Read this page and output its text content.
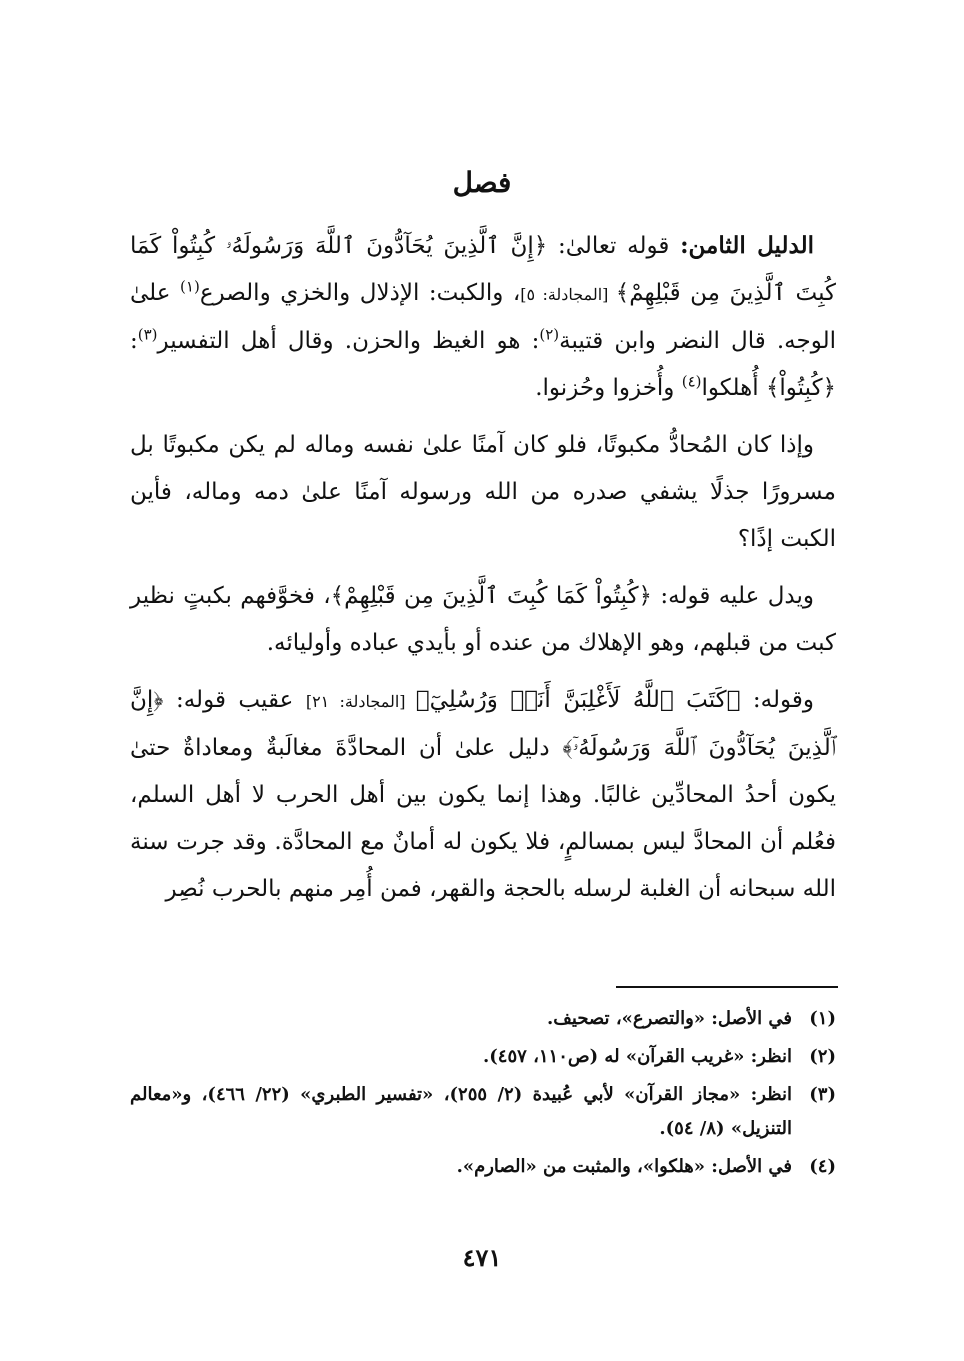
فصل

الدليل الثامن: قوله تعالىٰ: ﴿إِنَّ ٱلَّذِينَ يُحَآدُّونَ ٱللَّهَ وَرَسُولَهُۥ كُبِتُواْ كَمَا كُبِتَ ٱلَّذِينَ مِن قَبْلِهِمْ﴾ [المجادلة: ٥]، والكبت: الإذلال والخزي والصرع$^{(١)}$ علىٰ الوجه. قال النضر وابن قتيبة$^{(٢)}$: هو الغيظ والحزن. وقال أهل التفسير$^{(٣)}$: ﴿كُبِتُواْ﴾ أُهلكوا$^{(٤)}$ وأُخزوا وحُزنوا.

وإذا كان المُحادُّ مكبوتًا، فلو كان آمنًا علىٰ نفسه وماله لم يكن مكبوتًا بل مسرورًا جذلًا يشفي صدره من الله ورسوله آمنًا علىٰ دمه وماله، فأين الكبت إذًا؟

ويدل عليه قوله: ﴿كُبِتُواْ كَمَا كُبِتَ ٱلَّذِينَ مِن قَبْلِهِمْ﴾، فخوَّفهم بكبتٍ نظير كبت من قبلهم، وهو الإهلاك من عنده أو بأيدي عباده وأوليائه.

وقوله: ﴿كَتَبَ ٱللَّهُ لَأَغْلِبَنَّ أَنَا۠ وَرُسُلِيٓ﴾ [المجادلة: ٢١] عقيب قوله: ﴿إِنَّ ٱلَّذِينَ يُحَآدُّونَ ٱللَّهَ وَرَسُولَهُۥٓ﴾ دليل علىٰ أن المحادَّةَ مغالَبةٌ ومعاداةٌ حتىٰ يكون أحدُ المحادِّين غالبًا. وهذا إنما يكون بين أهل الحرب لا أهل السلم، فعُلم أن المحادَّ ليس بمسالمٍ، فلا يكون له أمانٌ مع المحادَّة. وقد جرت سنة الله سبحانه أن الغلبة لرسله بالحجة والقهر، فمن أُمِر منهم بالحرب نُصِر

(١)
في الأصل: «والتصرع»، تصحيف.
(٢)
انظر: «غريب القرآن» له (ص١١٠، ٤٥٧).
(٣)
انظر: «مجاز القرآن» لأبي عُبيدة (٢/ ٢٥٥)، «تفسير الطبري» (٢٢/ ٤٦٦)، و«معالم التنزيل» (٨/ ٥٤).
(٤)
في الأصل: «هلكوا»، والمثبت من «الصارم».
٤٧١
